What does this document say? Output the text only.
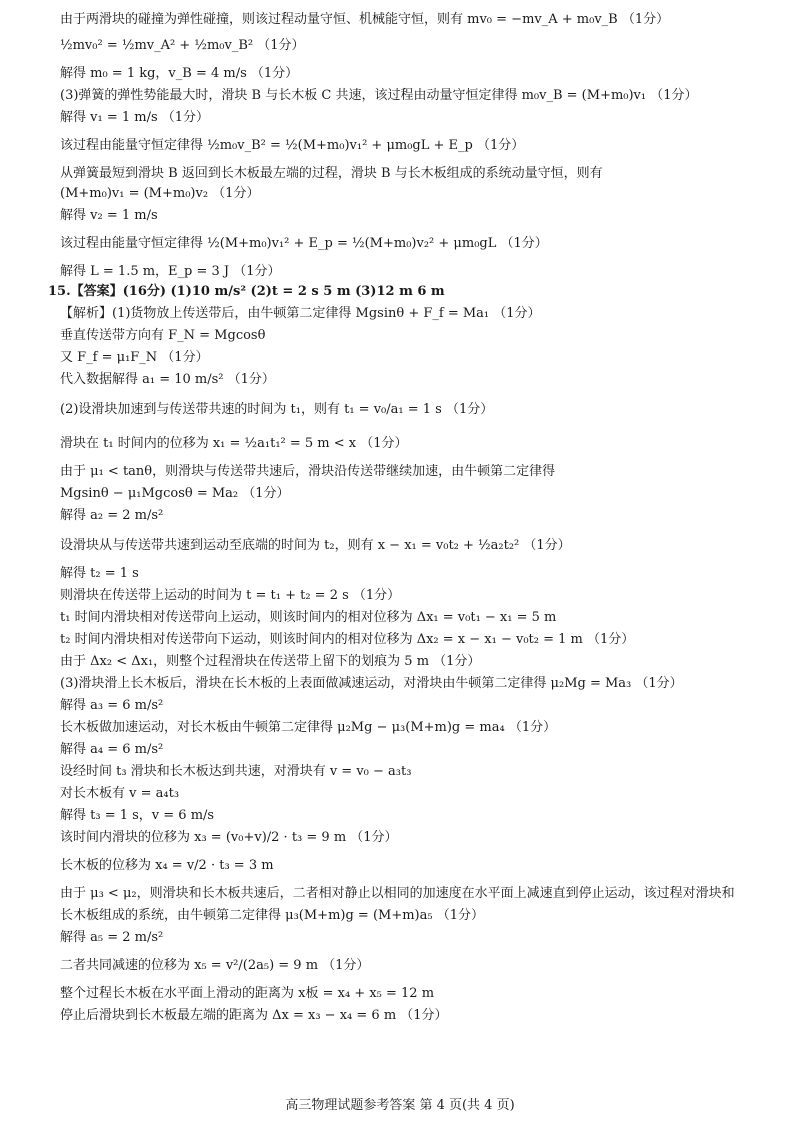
由于两滑块的碰撞为弹性碰撞，则该过程动量守恒、机械能守恒，则有 mv₀ = −mv_A + m₀v_B （1分）
½mv₀² = ½mv_A² + ½m₀v_B² （1分）
解得 m₀ = 1 kg，v_B = 4 m/s （1分）
(3)弹簧的弹性势能最大时，滑块 B 与长木板 C 共速，该过程由动量守恒定律得 m₀v_B = (M+m₀)v₁ （1分）
解得 v₁ = 1 m/s （1分）
该过程由能量守恒定律得 ½m₀v_B² = ½(M+m₀)v₁² + μm₀gL + E_p （1分）
从弹簧最短到滑块 B 返回到长木板最左端的过程，滑块 B 与长木板组成的系统动量守恒，则有
(M+m₀)v₁ = (M+m₀)v₂ （1分）
解得 v₂ = 1 m/s
该过程由能量守恒定律得 ½(M+m₀)v₁² + E_p = ½(M+m₀)v₂² + μm₀gL （1分）
解得 L = 1.5 m，E_p = 3 J （1分）
15.【答案】(16分) (1)10 m/s² (2)t = 2 s 5 m (3)12 m 6 m
【解析】(1)货物放上传送带后，由牛顿第二定律得 Mgsinθ + F_f = Ma₁ （1分）
垂直传送带方向有 F_N = Mgcosθ
又 F_f = μ₁F_N （1分）
代入数据解得 a₁ = 10 m/s² （1分）
(2)设滑块加速到与传送带共速的时间为 t₁，则有 t₁ = v₀/a₁ = 1 s （1分）
滑块在 t₁ 时间内的位移为 x₁ = ½a₁t₁² = 5 m < x （1分）
由于 μ₁ < tanθ，则滑块与传送带共速后，滑块沿传送带继续加速，由牛顿第二定律得
Mgsinθ − μ₁Mgcosθ = Ma₂ （1分）
解得 a₂ = 2 m/s²
设滑块从与传送带共速到运动至底端的时间为 t₂，则有 x − x₁ = v₀t₂ + ½a₂t₂² （1分）
解得 t₂ = 1 s
则滑块在传送带上运动的时间为 t = t₁ + t₂ = 2 s （1分）
t₁ 时间内滑块相对传送带向上运动，则该时间内的相对位移为 Δx₁ = v₀t₁ − x₁ = 5 m
t₂ 时间内滑块相对传送带向下运动，则该时间内的相对位移为 Δx₂ = x − x₁ − v₀t₂ = 1 m （1分）
由于 Δx₂ < Δx₁，则整个过程滑块在传送带上留下的划痕为 5 m （1分）
(3)滑块滑上长木板后，滑块在长木板的上表面做减速运动，对滑块由牛顿第二定律得 μ₂Mg = Ma₃ （1分）
解得 a₃ = 6 m/s²
长木板做加速运动，对长木板由牛顿第二定律得 μ₂Mg − μ₃(M+m)g = ma₄ （1分）
解得 a₄ = 6 m/s²
设经时间 t₃ 滑块和长木板达到共速，对滑块有 v = v₀ − a₃t₃
对长木板有 v = a₄t₃
解得 t₃ = 1 s，v = 6 m/s
该时间内滑块的位移为 x₃ = (v₀+v)/2 · t₃ = 9 m （1分）
长木板的位移为 x₄ = v/2 · t₃ = 3 m
由于 μ₃ < μ₂，则滑块和长木板共速后，二者相对静止以相同的加速度在水平面上减速直到停止运动，该过程对滑块和
长木板组成的系统，由牛顿第二定律得 μ₃(M+m)g = (M+m)a₅ （1分）
解得 a₅ = 2 m/s²
二者共同减速的位移为 x₅ = v²/(2a₅) = 9 m （1分）
整个过程长木板在水平面上滑动的距离为 x板 = x₄ + x₅ = 12 m
停止后滑块到长木板最左端的距离为 Δx = x₃ − x₄ = 6 m （1分）
高三物理试题参考答案 第 4 页(共 4 页)
